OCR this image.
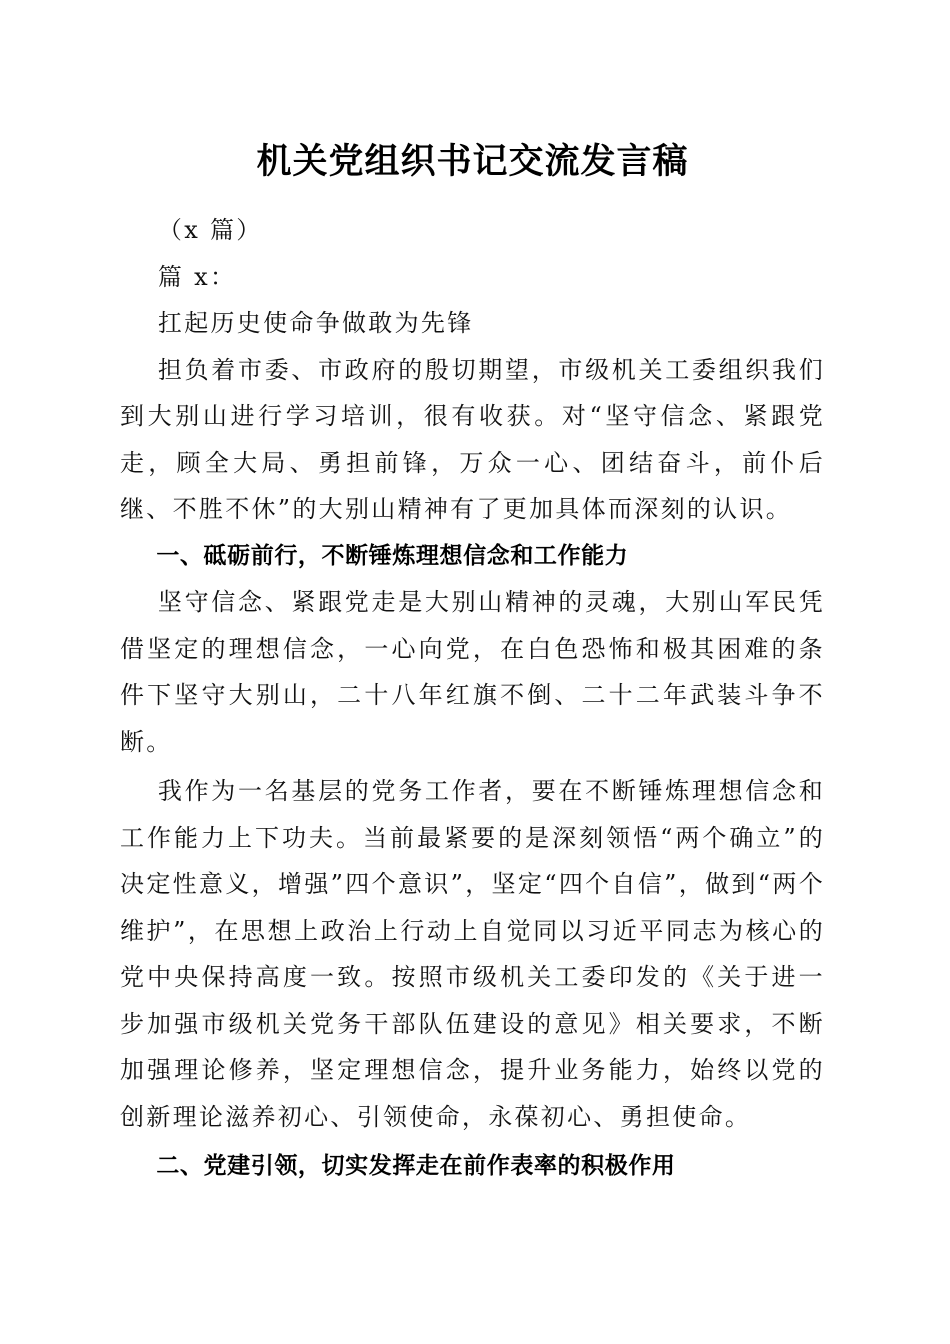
机关党组织书记交流发言稿

（x 篇）

篇 x：

扛起历史使命争做敢为先锋

担负着市委、市政府的殷切期望，市级机关工委组织我们到大别山进行学习培训，很有收获。对“坚守信念、紧跟党走，顾全大局、勇担前锋，万众一心、团结奋斗，前仆后继、不胜不休”的大别山精神有了更加具体而深刻的认识。

一、砥砺前行，不断锤炼理想信念和工作能力

坚守信念、紧跟党走是大别山精神的灵魂，大别山军民凭借坚定的理想信念，一心向党，在白色恐怖和极其困难的条件下坚守大别山，二十八年红旗不倒、二十二年武装斗争不断。

我作为一名基层的党务工作者，要在不断锤炼理想信念和工作能力上下功夫。当前最紧要的是深刻领悟“两个确立”的决定性意义，增强”四个意识”，坚定“四个自信”，做到“两个维护”，在思想上政治上行动上自觉同以习近平同志为核心的党中央保持高度一致。按照市级机关工委印发的《关于进一步加强市级机关党务干部队伍建设的意见》相关要求，不断加强理论修养，坚定理想信念，提升业务能力，始终以党的创新理论滋养初心、引领使命，永葆初心、勇担使命。

二、党建引领，切实发挥走在前作表率的积极作用
